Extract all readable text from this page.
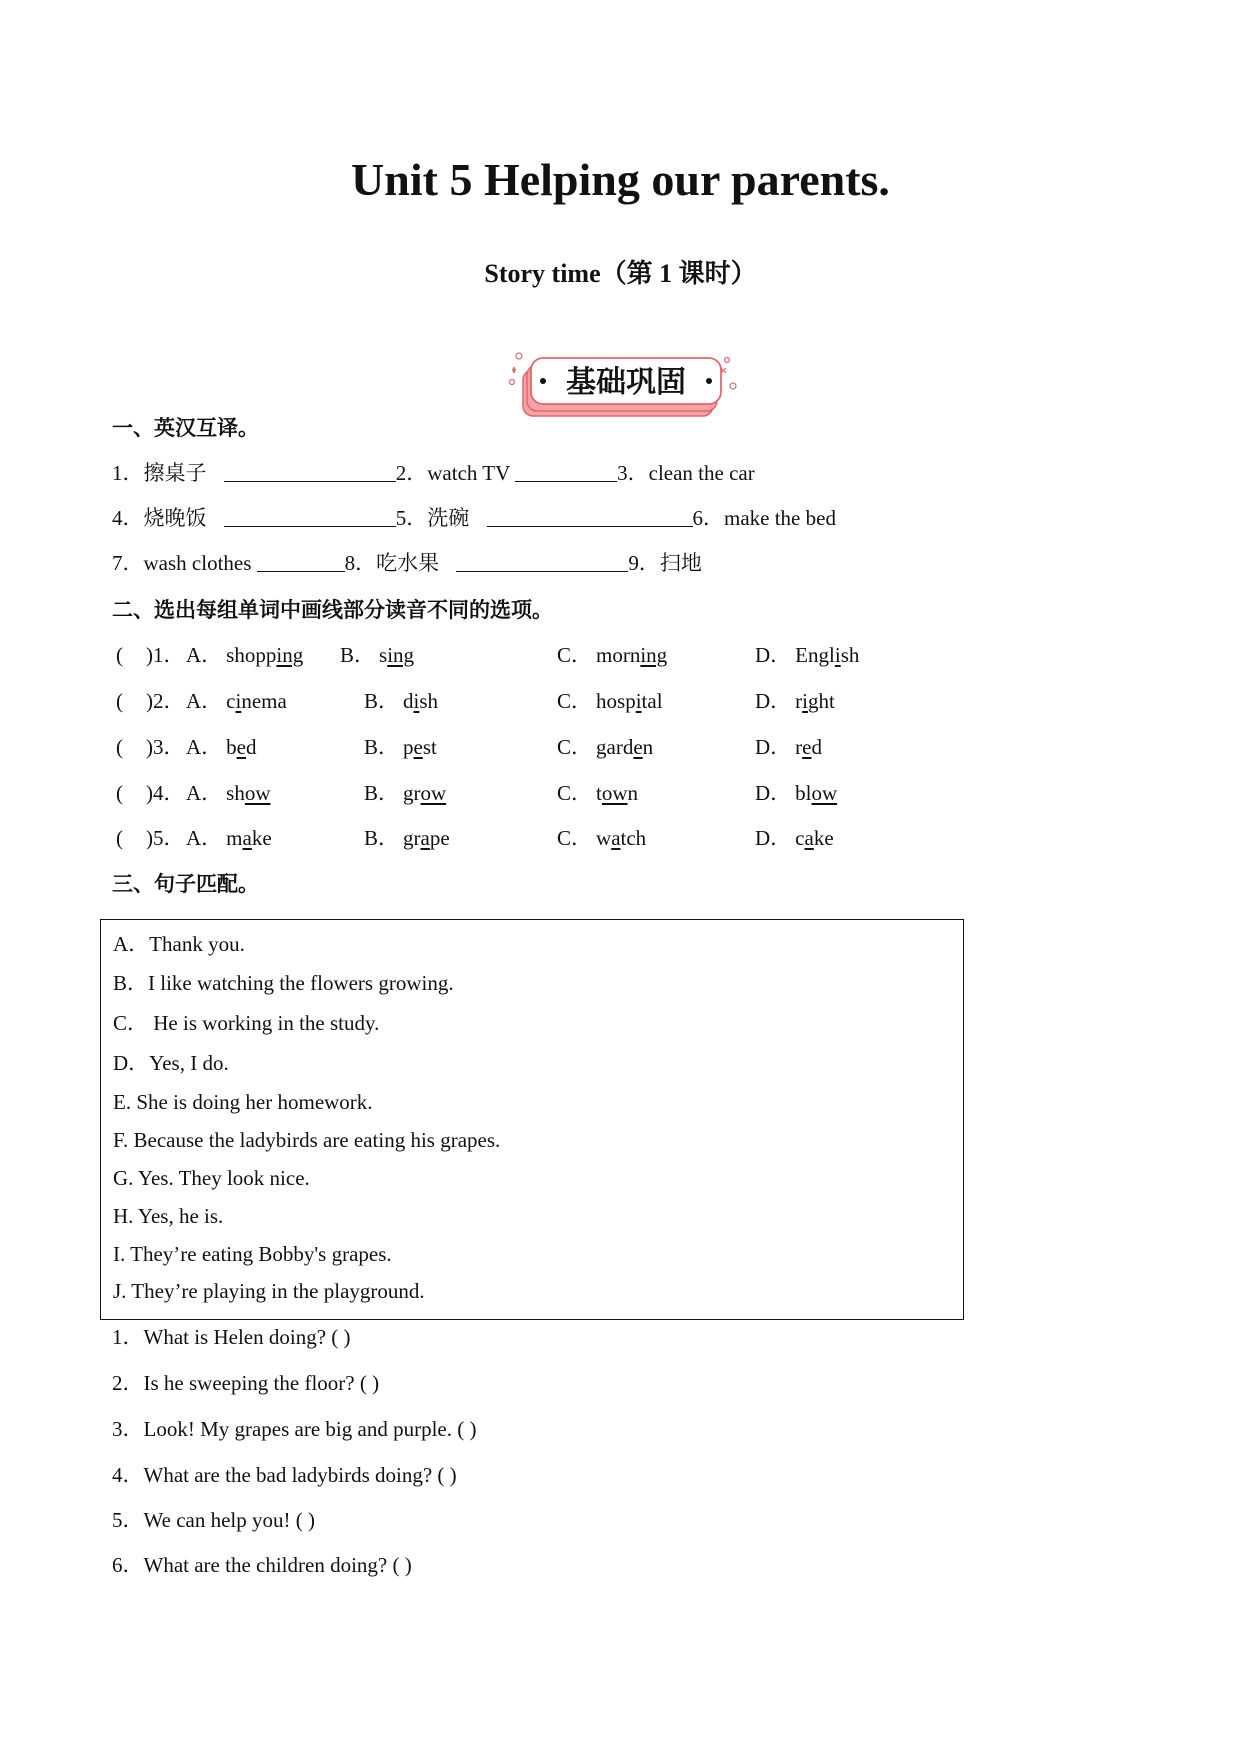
Unit 5 Helping our parents.
Story time（第 1 课时）
基础巩固
一、英汉互译。
1．擦桌子	2．watch TV	3．clean the car
4．烧晚饭	5．洗碗	6．make the bed
7．wash clothes	8．吃水果	9．扫地
二、选出每组单词中画线部分读音不同的选项。
( )1． A． shopping B． sing	C． morning	D． English
( )2． A． cinema	B． dish	C． hospital	D． right
( )3． A． bed	B． pest	C． garden	D． red
( )4． A． show	B． grow	C． town	D． blow
( )5． A． make	B． grape	C． watch	D． cake
三、句子匹配。
A．Thank you.
B．I like watching the flowers growing.
C． He is working in the study.
D．Yes, I do.
E. She is doing her homework.
F. Because the ladybirds are eating his grapes.
G. Yes. They look nice.
H. Yes, he is.
I. They’re eating Bobby's grapes.
J. They’re playing in the playground.
1．What is Helen doing? ( )
2．Is he sweeping the floor? ( )
3．Look! My grapes are big and purple. ( )
4．What are the bad ladybirds doing? ( )
5．We can help you! ( )
6．What are the children doing? ( )
